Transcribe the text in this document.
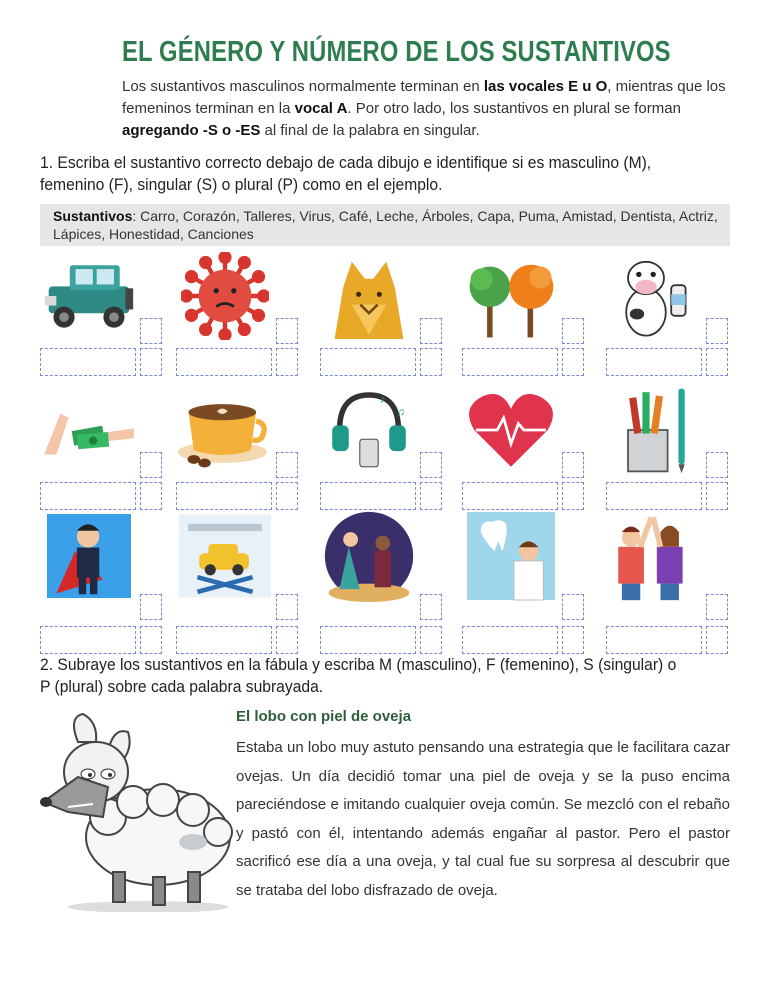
EL GÉNERO Y NÚMERO DE LOS SUSTANTIVOS
Los sustantivos masculinos normalmente terminan en las vocales E u O, mientras que los femeninos terminan en la vocal A. Por otro lado, los sustantivos en plural se forman agregando -S o -ES al final de la palabra en singular.
1. Escriba el sustantivo correcto debajo de cada dibujo e identifique si es masculino (M), femenino (F), singular (S) o plural (P) como en el ejemplo.
Sustantivos: Carro, Corazón, Talleres, Virus, Café, Leche, Árboles, Capa, Puma, Amistad, Dentista, Actriz, Lápices, Honestidad, Canciones
♪
♫
2. Subraye los sustantivos en la fábula y escriba M (masculino), F (femenino), S (singular) o P (plural) sobre cada palabra subrayada.
El lobo con piel de oveja
Estaba un lobo muy astuto pensando una estrategia que le facilitara cazar ovejas. Un día decidió tomar una piel de oveja y se la puso encima pareciéndose e imitando cualquier oveja común. Se mezcló con el rebaño y pastó con él, intentando además engañar al pastor. Pero el pastor sacrificó ese día a una oveja, y tal cual fue su sorpresa al descubrir que se trataba del lobo disfrazado de oveja.
